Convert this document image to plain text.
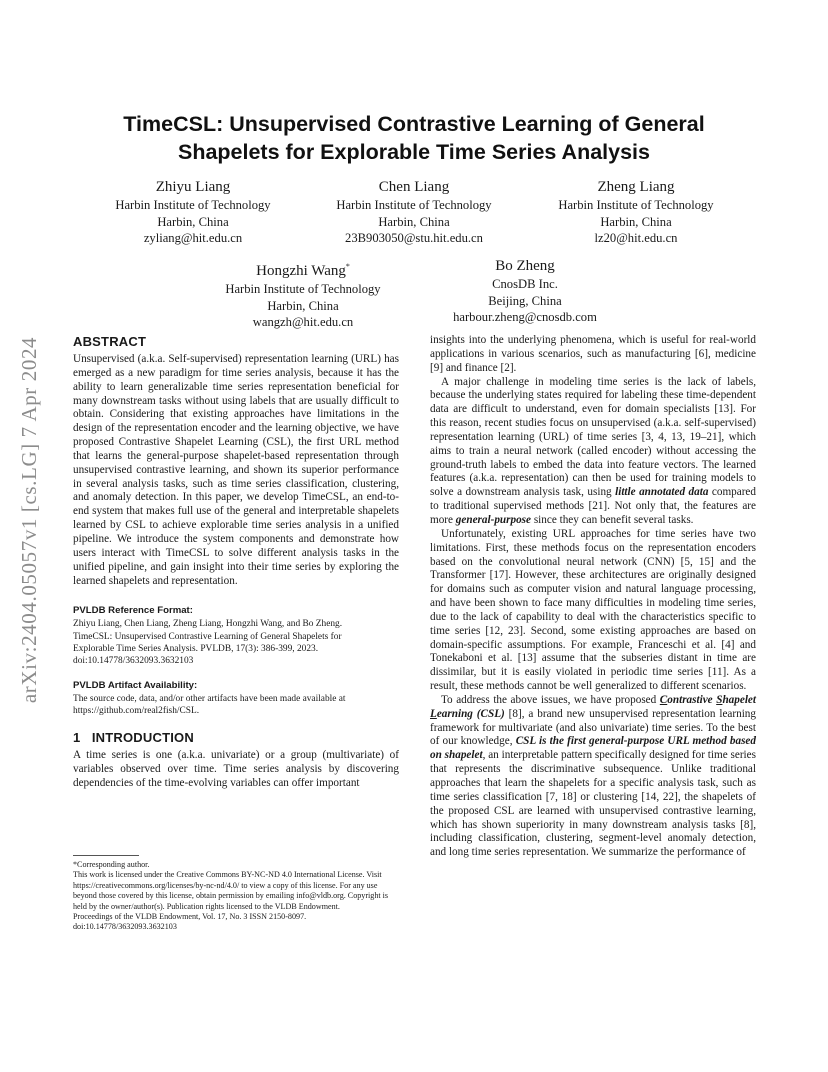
arXiv:2404.05057v1 [cs.LG] 7 Apr 2024
TimeCSL: Unsupervised Contrastive Learning of General
Shapelets for Explorable Time Series Analysis
Zhiyu Liang
Harbin Institute of Technology
Harbin, China
zyliang@hit.edu.cn
Chen Liang
Harbin Institute of Technology
Harbin, China
23B903050@stu.hit.edu.cn
Zheng Liang
Harbin Institute of Technology
Harbin, China
lz20@hit.edu.cn
Hongzhi Wang*
Harbin Institute of Technology
Harbin, China
wangzh@hit.edu.cn
Bo Zheng
CnosDB Inc.
Beijing, China
harbour.zheng@cnosdb.com
ABSTRACT

Unsupervised (a.k.a. Self-supervised) representation learning (URL) has emerged as a new paradigm for time series analysis, because it has the ability to learn generalizable time series representation beneficial for many downstream tasks without using labels that are usually difficult to obtain. Considering that existing approaches have limitations in the design of the representation encoder and the learning objective, we have proposed Contrastive Shapelet Learning (CSL), the first URL method that learns the general-purpose shapelet-based representation through unsupervised contrastive learning, and shown its superior performance in several analysis tasks, such as time series classification, clustering, and anomaly detection. In this paper, we develop TimeCSL, an end-to-end system that makes full use of the general and interpretable shapelets learned by CSL to achieve explorable time series analysis in a unified pipeline. We introduce the system components and demonstrate how users interact with TimeCSL to solve different analysis tasks in the unified pipeline, and gain insight into their time series by exploring the learned shapelets and representation.

PVLDB Reference Format:
Zhiyu Liang, Chen Liang, Zheng Liang, Hongzhi Wang, and Bo Zheng.
TimeCSL: Unsupervised Contrastive Learning of General Shapelets for
Explorable Time Series Analysis. PVLDB, 17(3): 386-399, 2023.
doi:10.14778/3632093.3632103
PVLDB Artifact Availability:
The source code, data, and/or other artifacts have been made available at
https://github.com/real2fish/CSL.
1   INTRODUCTION

A time series is one (a.k.a. univariate) or a group (multivariate) of variables observed over time. Time series analysis by discovering dependencies of the time-evolving variables can offer important

*Corresponding author.

This work is licensed under the Creative Commons BY-NC-ND 4.0 International License. Visit https://creativecommons.org/licenses/by-nc-nd/4.0/ to view a copy of this license. For any use beyond those covered by this license, obtain permission by emailing info@vldb.org. Copyright is held by the owner/author(s). Publication rights licensed to the VLDB Endowment.

Proceedings of the VLDB Endowment, Vol. 17, No. 3 ISSN 2150-8097.

doi:10.14778/3632093.3632103

insights into the underlying phenomena, which is useful for real-world applications in various scenarios, such as manufacturing [6], medicine [9] and finance [2].

A major challenge in modeling time series is the lack of labels, because the underlying states required for labeling these time-dependent data are difficult to understand, even for domain specialists [13]. For this reason, recent studies focus on unsupervised (a.k.a. self-supervised) representation learning (URL) of time series [3, 4, 13, 19–21], which aims to train a neural network (called encoder) without accessing the ground-truth labels to embed the data into feature vectors. The learned features (a.k.a. representation) can then be used for training models to solve a downstream analysis task, using little annotated data compared to traditional supervised methods [21]. Not only that, the features are more general-purpose since they can benefit several tasks.

Unfortunately, existing URL approaches for time series have two limitations. First, these methods focus on the representation encoders based on the convolutional neural network (CNN) [5, 15] and the Transformer [17]. However, these architectures are originally designed for domains such as computer vision and natural language processing, and have been shown to face many difficulties in modeling time series, due to the lack of capability to deal with the characteristics specific to time series [12, 23]. Second, some existing approaches are based on domain-specific assumptions. For example, Franceschi et al. [4] and Tonekaboni et al. [13] assume that the subseries distant in time are dissimilar, but it is easily violated in periodic time series [11]. As a result, these methods cannot be well generalized to different scenarios.

To address the above issues, we have proposed Contrastive Shapelet Learning (CSL) [8], a brand new unsupervised representation learning framework for multivariate (and also univariate) time series. To the best of our knowledge, CSL is the first general-purpose URL method based on shapelet, an interpretable pattern specifically designed for time series that represents the discriminative subsequence. Unlike traditional approaches that learn the shapelets for a specific analysis task, such as time series classification [7, 18] or clustering [14, 22], the shapelets of the proposed CSL are learned with unsupervised contrastive learning, which has shown superiority in many downstream analysis tasks [8], including classification, clustering, segment-level anomaly detection, and long time series representation. We summarize the performance of
